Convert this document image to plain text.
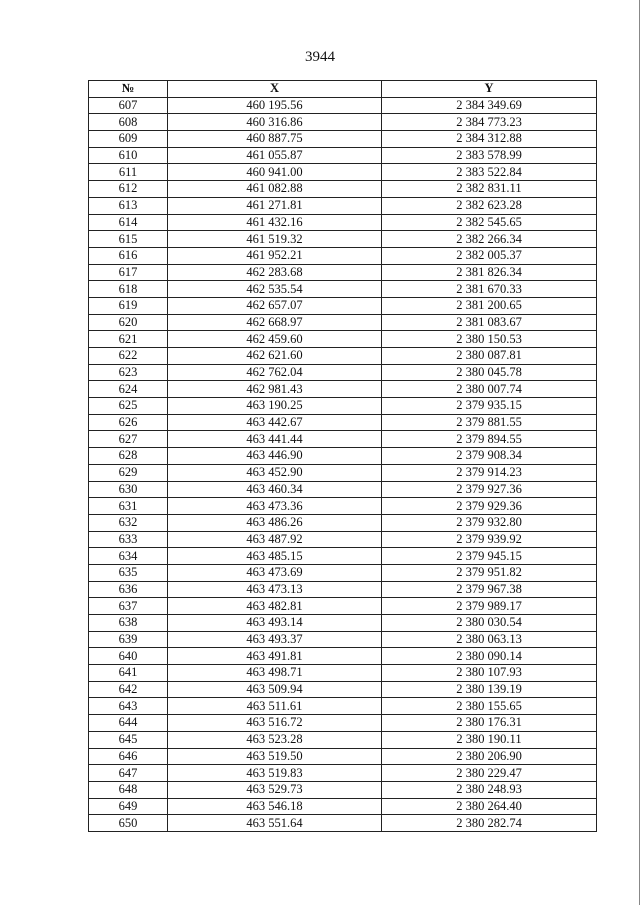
3944
№	X	Y
607	460 195.56	2 384 349.69
608	460 316.86	2 384 773.23
609	460 887.75	2 384 312.88
610	461 055.87	2 383 578.99
611	460 941.00	2 383 522.84
612	461 082.88	2 382 831.11
613	461 271.81	2 382 623.28
614	461 432.16	2 382 545.65
615	461 519.32	2 382 266.34
616	461 952.21	2 382 005.37
617	462 283.68	2 381 826.34
618	462 535.54	2 381 670.33
619	462 657.07	2 381 200.65
620	462 668.97	2 381 083.67
621	462 459.60	2 380 150.53
622	462 621.60	2 380 087.81
623	462 762.04	2 380 045.78
624	462 981.43	2 380 007.74
625	463 190.25	2 379 935.15
626	463 442.67	2 379 881.55
627	463 441.44	2 379 894.55
628	463 446.90	2 379 908.34
629	463 452.90	2 379 914.23
630	463 460.34	2 379 927.36
631	463 473.36	2 379 929.36
632	463 486.26	2 379 932.80
633	463 487.92	2 379 939.92
634	463 485.15	2 379 945.15
635	463 473.69	2 379 951.82
636	463 473.13	2 379 967.38
637	463 482.81	2 379 989.17
638	463 493.14	2 380 030.54
639	463 493.37	2 380 063.13
640	463 491.81	2 380 090.14
641	463 498.71	2 380 107.93
642	463 509.94	2 380 139.19
643	463 511.61	2 380 155.65
644	463 516.72	2 380 176.31
645	463 523.28	2 380 190.11
646	463 519.50	2 380 206.90
647	463 519.83	2 380 229.47
648	463 529.73	2 380 248.93
649	463 546.18	2 380 264.40
650	463 551.64	2 380 282.74
